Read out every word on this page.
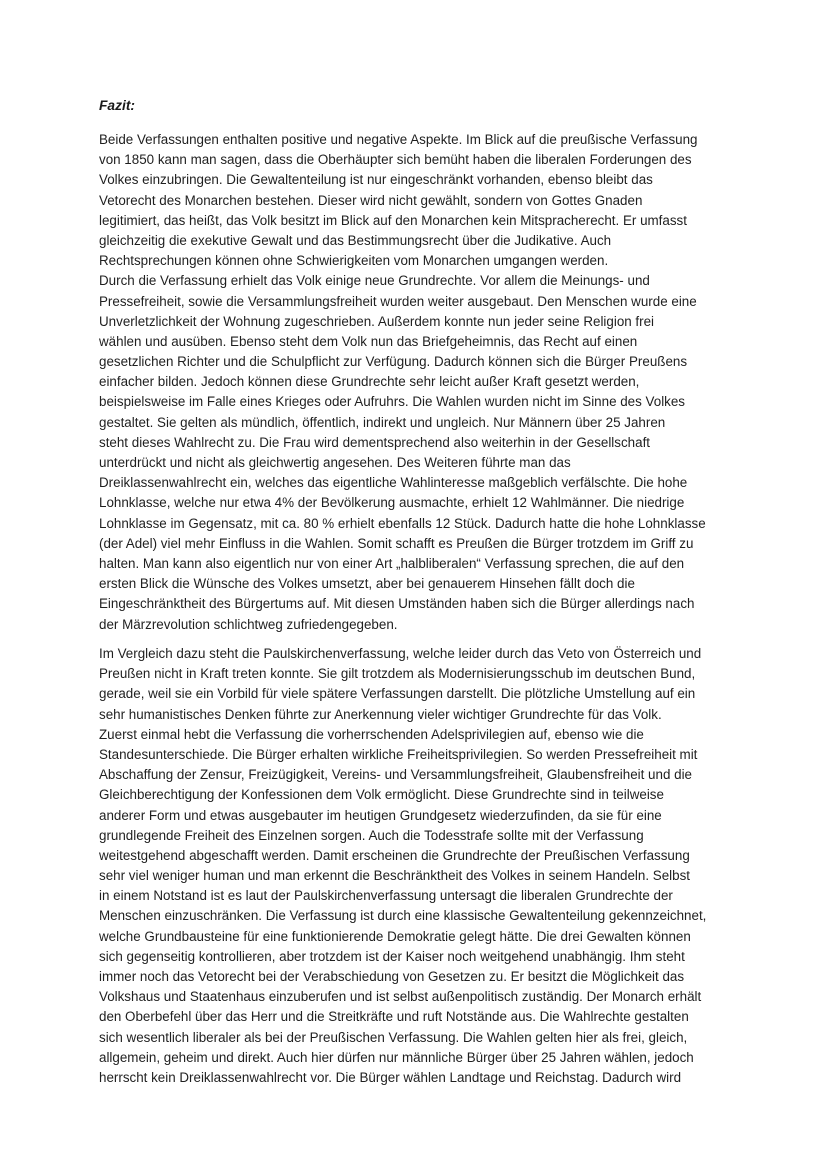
Fazit:

Beide Verfassungen enthalten positive und negative Aspekte. Im Blick auf die preußische Verfassung
von 1850 kann man sagen, dass die Oberhäupter sich bemüht haben die liberalen Forderungen des
Volkes einzubringen. Die Gewaltenteilung ist nur eingeschränkt vorhanden, ebenso bleibt das
Vetorecht des Monarchen bestehen. Dieser wird nicht gewählt, sondern von Gottes Gnaden
legitimiert, das heißt, das Volk besitzt im Blick auf den Monarchen kein Mitspracherecht. Er umfasst
gleichzeitig die exekutive Gewalt und das Bestimmungsrecht über die Judikative. Auch
Rechtsprechungen können ohne Schwierigkeiten vom Monarchen umgangen werden.
Durch die Verfassung erhielt das Volk einige neue Grundrechte. Vor allem die Meinungs- und
Pressefreiheit, sowie die Versammlungsfreiheit wurden weiter ausgebaut. Den Menschen wurde eine
Unverletzlichkeit der Wohnung zugeschrieben. Außerdem konnte nun jeder seine Religion frei
wählen und ausüben. Ebenso steht dem Volk nun das Briefgeheimnis, das Recht auf einen
gesetzlichen Richter und die Schulpflicht zur Verfügung. Dadurch können sich die Bürger Preußens
einfacher bilden. Jedoch können diese Grundrechte sehr leicht außer Kraft gesetzt werden,
beispielsweise im Falle eines Krieges oder Aufruhrs. Die Wahlen wurden nicht im Sinne des Volkes
gestaltet. Sie gelten als mündlich, öffentlich, indirekt und ungleich. Nur Männern über 25 Jahren
steht dieses Wahlrecht zu. Die Frau wird dementsprechend also weiterhin in der Gesellschaft
unterdrückt und nicht als gleichwertig angesehen. Des Weiteren führte man das
Dreiklassenwahlrecht ein, welches das eigentliche Wahlinteresse maßgeblich verfälschte. Die hohe
Lohnklasse, welche nur etwa 4% der Bevölkerung ausmachte, erhielt 12 Wahlmänner. Die niedrige
Lohnklasse im Gegensatz, mit ca. 80 % erhielt ebenfalls 12 Stück. Dadurch hatte die hohe Lohnklasse
(der Adel) viel mehr Einfluss in die Wahlen. Somit schafft es Preußen die Bürger trotzdem im Griff zu
halten. Man kann also eigentlich nur von einer Art „halbliberalen“ Verfassung sprechen, die auf den
ersten Blick die Wünsche des Volkes umsetzt, aber bei genauerem Hinsehen fällt doch die
Eingeschränktheit des Bürgertums auf. Mit diesen Umständen haben sich die Bürger allerdings nach
der Märzrevolution schlichtweg zufriedengegeben.
Im Vergleich dazu steht die Paulskirchenverfassung, welche leider durch das Veto von Österreich und
Preußen nicht in Kraft treten konnte. Sie gilt trotzdem als Modernisierungsschub im deutschen Bund,
gerade, weil sie ein Vorbild für viele spätere Verfassungen darstellt. Die plötzliche Umstellung auf ein
sehr humanistisches Denken führte zur Anerkennung vieler wichtiger Grundrechte für das Volk.
Zuerst einmal hebt die Verfassung die vorherrschenden Adelsprivilegien auf, ebenso wie die
Standesunterschiede. Die Bürger erhalten wirkliche Freiheitsprivilegien. So werden Pressefreiheit mit
Abschaffung der Zensur, Freizügigkeit, Vereins- und Versammlungsfreiheit, Glaubensfreiheit und die
Gleichberechtigung der Konfessionen dem Volk ermöglicht. Diese Grundrechte sind in teilweise
anderer Form und etwas ausgebauter im heutigen Grundgesetz wiederzufinden, da sie für eine
grundlegende Freiheit des Einzelnen sorgen. Auch die Todesstrafe sollte mit der Verfassung
weitestgehend abgeschafft werden. Damit erscheinen die Grundrechte der Preußischen Verfassung
sehr viel weniger human und man erkennt die Beschränktheit des Volkes in seinem Handeln. Selbst
in einem Notstand ist es laut der Paulskirchenverfassung untersagt die liberalen Grundrechte der
Menschen einzuschränken. Die Verfassung ist durch eine klassische Gewaltenteilung gekennzeichnet,
welche Grundbausteine für eine funktionierende Demokratie gelegt hätte. Die drei Gewalten können
sich gegenseitig kontrollieren, aber trotzdem ist der Kaiser noch weitgehend unabhängig. Ihm steht
immer noch das Vetorecht bei der Verabschiedung von Gesetzen zu. Er besitzt die Möglichkeit das
Volkshaus und Staatenhaus einzuberufen und ist selbst außenpolitisch zuständig. Der Monarch erhält
den Oberbefehl über das Herr und die Streitkräfte und ruft Notstände aus. Die Wahlrechte gestalten
sich wesentlich liberaler als bei der Preußischen Verfassung. Die Wahlen gelten hier als frei, gleich,
allgemein, geheim und direkt. Auch hier dürfen nur männliche Bürger über 25 Jahren wählen, jedoch
herrscht kein Dreiklassenwahlrecht vor. Die Bürger wählen Landtage und Reichstag. Dadurch wird
